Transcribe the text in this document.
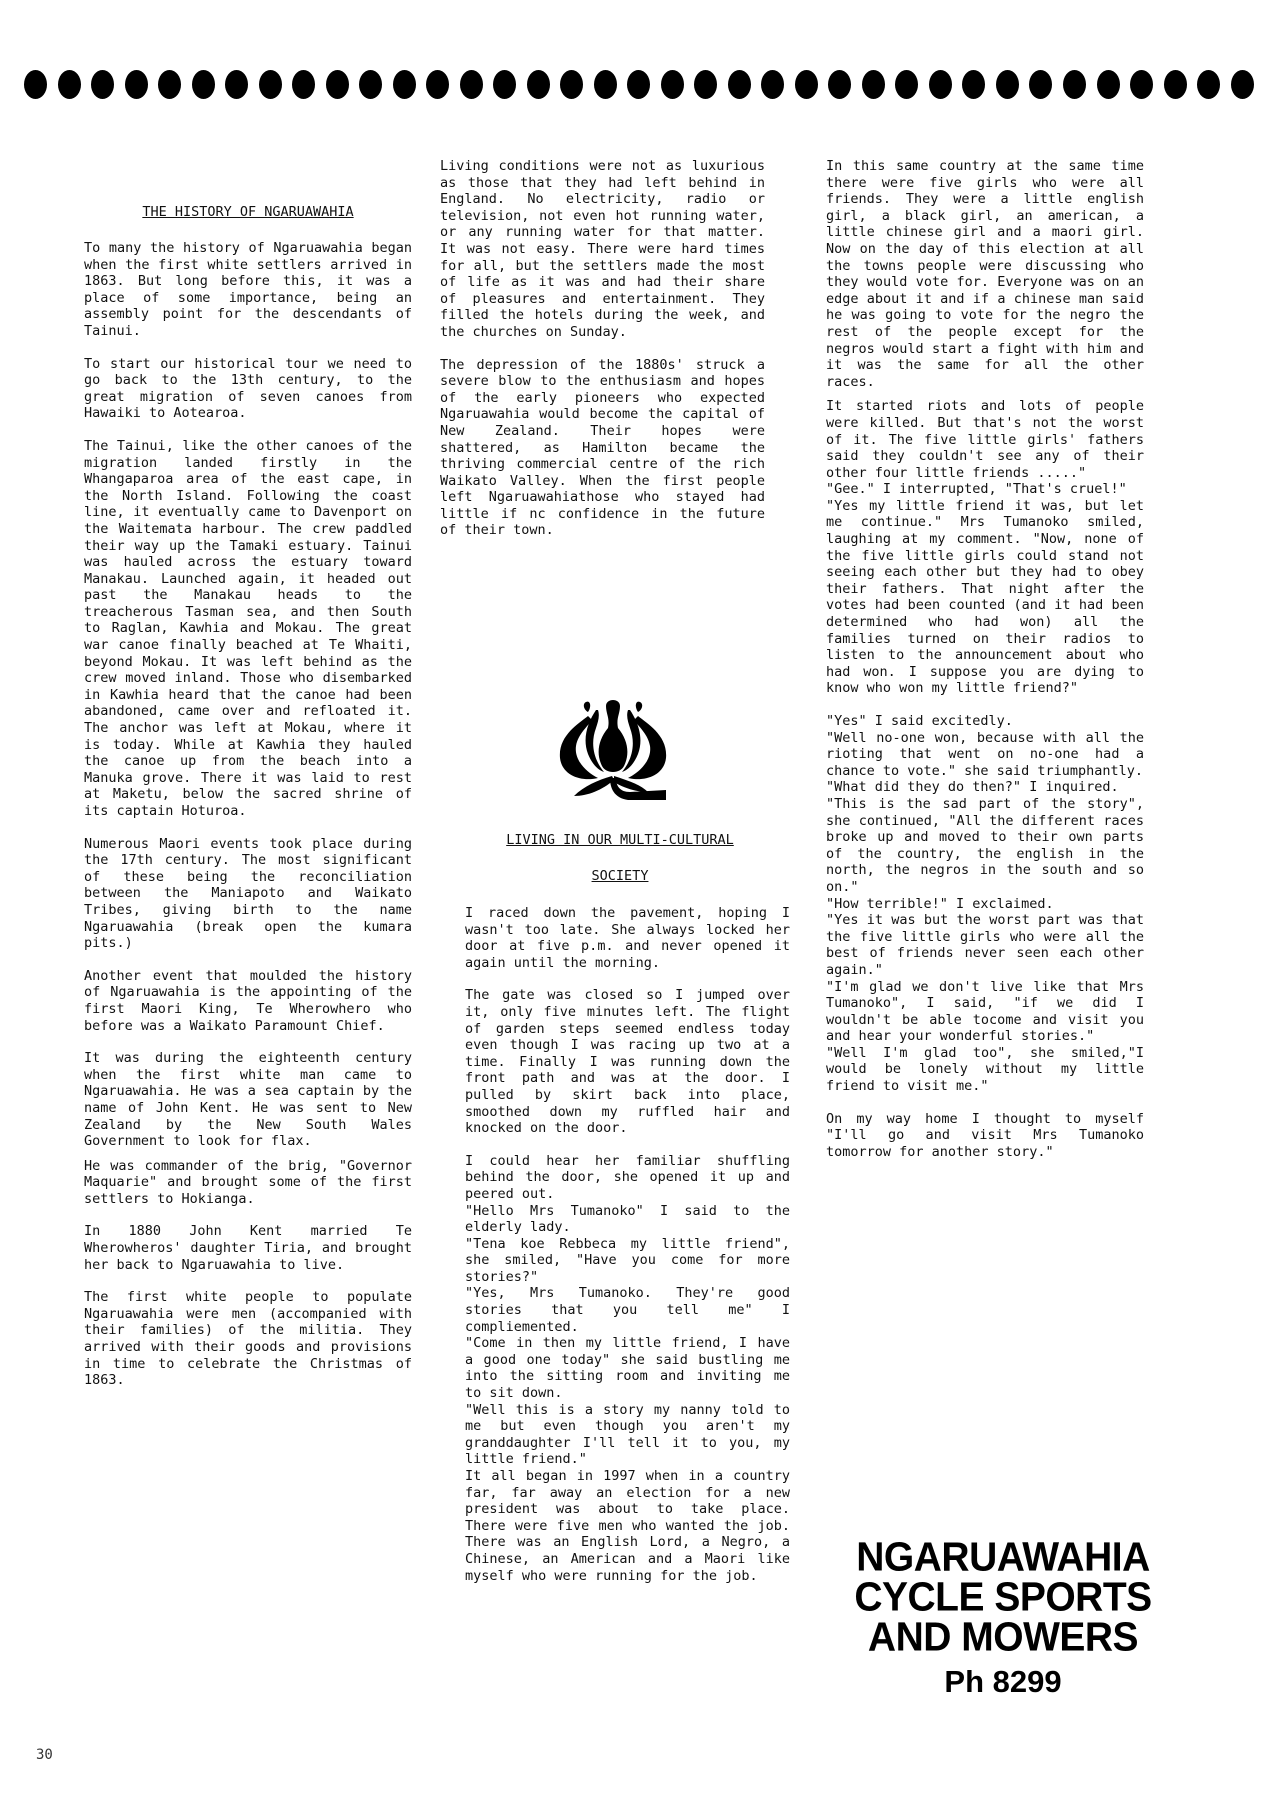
THE HISTORY OF NGARUAWAHIA

To many the history of Ngaruawahia began when the first white settlers arrived in 1863. But long before this, it was a place of some importance, being an assembly point for the descendants of Tainui.

To start our historical tour we need to go back to the 13th century, to the great migration of seven canoes from Hawaiki to Aotearoa.

The Tainui, like the other canoes of the migration landed firstly in the Whangaparoa area of the east cape, in the North Island. Following the coast line, it eventually came to Davenport on the Waitemata harbour. The crew paddled their way up the Tamaki estuary. Tainui was hauled across the estuary toward Manakau. Launched again, it headed out past the Manakau heads to the treacherous Tasman sea, and then South to Raglan, Kawhia and Mokau. The great war canoe finally beached at Te Whaiti, beyond Mokau. It was left behind as the crew moved inland. Those who disembarked in Kawhia heard that the canoe had been abandoned, came over and refloated it. The anchor was left at Mokau, where it is today. While at Kawhia they hauled the canoe up from the beach into a Manuka grove. There it was laid to rest at Maketu, below the sacred shrine of its captain Hoturoa.

Numerous Maori events took place during the 17th century. The most significant of these being the reconciliation between the Maniapoto and Waikato Tribes, giving birth to the name Ngaruawahia (break open the kumara pits.)

Another event that moulded the history of Ngaruawahia is the appointing of the first Maori King, Te Wherowhero who before was a Waikato Paramount Chief.

It was during the eighteenth century when the first white man came to Ngaruawahia. He was a sea captain by the name of John Kent. He was sent to New Zealand by the New South Wales Government to look for flax.

He was commander of the brig, "Governor Maquarie" and brought some of the first settlers to Hokianga.

In 1880 John Kent married Te Wherowheros' daughter Tiria, and brought her back to Ngaruawahia to live.

The first white people to populate Ngaruawahia were men (accompanied with their families) of the militia. They arrived with their goods and provisions in time to celebrate the Christmas of 1863.

Living conditions were not as luxurious as those that they had left behind in England. No electricity, radio or television, not even hot running water, or any running water for that matter. It was not easy. There were hard times for all, but the settlers made the most of life as it was and had their share of pleasures and entertainment. They filled the hotels during the week, and the churches on Sunday.

The depression of the 1880s' struck a severe blow to the enthusiasm and hopes of the early pioneers who expected Ngaruawahia would become the capital of New Zealand. Their hopes were shattered, as Hamilton became the thriving commercial centre of the rich Waikato Valley. When the first people left Ngaruawahiathose who stayed had little if nc confidence in the future of their town.

LIVING IN OUR MULTI-CULTURAL

SOCIETY

I raced down the pavement, hoping I wasn't too late. She always locked her door at five p.m. and never opened it again until the morning.

The gate was closed so I jumped over it, only five minutes left. The flight of garden steps seemed endless today even though I was racing up two at a time. Finally I was running down the front path and was at the door. I pulled by skirt back into place, smoothed down my ruffled hair and knocked on the door.

I could hear her familiar shuffling behind the door, she opened it up and peered out.

"Hello Mrs Tumanoko" I said to the elderly lady.

"Tena koe Rebbeca my little friend", she smiled, "Have you come for more stories?"

"Yes, Mrs Tumanoko. They're good stories that you tell me" I compliemented.

"Come in then my little friend, I have a good one today" she said bustling me into the sitting room and inviting me to sit down.

"Well this is a story my nanny told to me but even though you aren't my granddaughter I'll tell it to you, my little friend."

It all began in 1997 when in a country far, far away an election for a new president was about to take place. There were five men who wanted the job. There was an English Lord, a Negro, a Chinese, an American and a Maori like myself who were running for the job.

In this same country at the same time there were five girls who were all friends. They were a little english girl, a black girl, an american, a little chinese girl and a maori girl. Now on the day of this election at all the towns people were discussing who they would vote for. Everyone was on an edge about it and if a chinese man said he was going to vote for the negro the rest of the people except for the negros would start a fight with him and it was the same for all the other races.

It started riots and lots of people were killed. But that's not the worst of it. The five little girls' fathers said they couldn't see any of their other four little friends ....."

"Gee." I interrupted, "That's cruel!"

"Yes my little friend it was, but let me continue." Mrs Tumanoko smiled, laughing at my comment. "Now, none of the five little girls could stand not seeing each other but they had to obey their fathers. That night after the votes had been counted (and it had been determined who had won) all the families turned on their radios to listen to the announcement about who had won. I suppose you are dying to know who won my little friend?"

"Yes" I said excitedly.

"Well no-one won, because with all the rioting that went on no-one had a chance to vote." she said triumphantly.

"What did they do then?" I inquired.

"This is the sad part of the story", she continued, "All the different races broke up and moved to their own parts of the country, the english in the north, the negros in the south and so on."

"How terrible!" I exclaimed.

"Yes it was but the worst part was that the five little girls who were all the best of friends never seen each other again."

"I'm glad we don't live like that Mrs Tumanoko", I said, "if we did I wouldn't be able tocome and visit you and hear your wonderful stories."

"Well I'm glad too", she smiled,"I would be lonely without my little friend to visit me."

On my way home I thought to myself "I'll go and visit Mrs Tumanoko tomorrow for another story."

NGARUAWAHIA
CYCLE SPORTS
AND MOWERS
Ph 8299
30
